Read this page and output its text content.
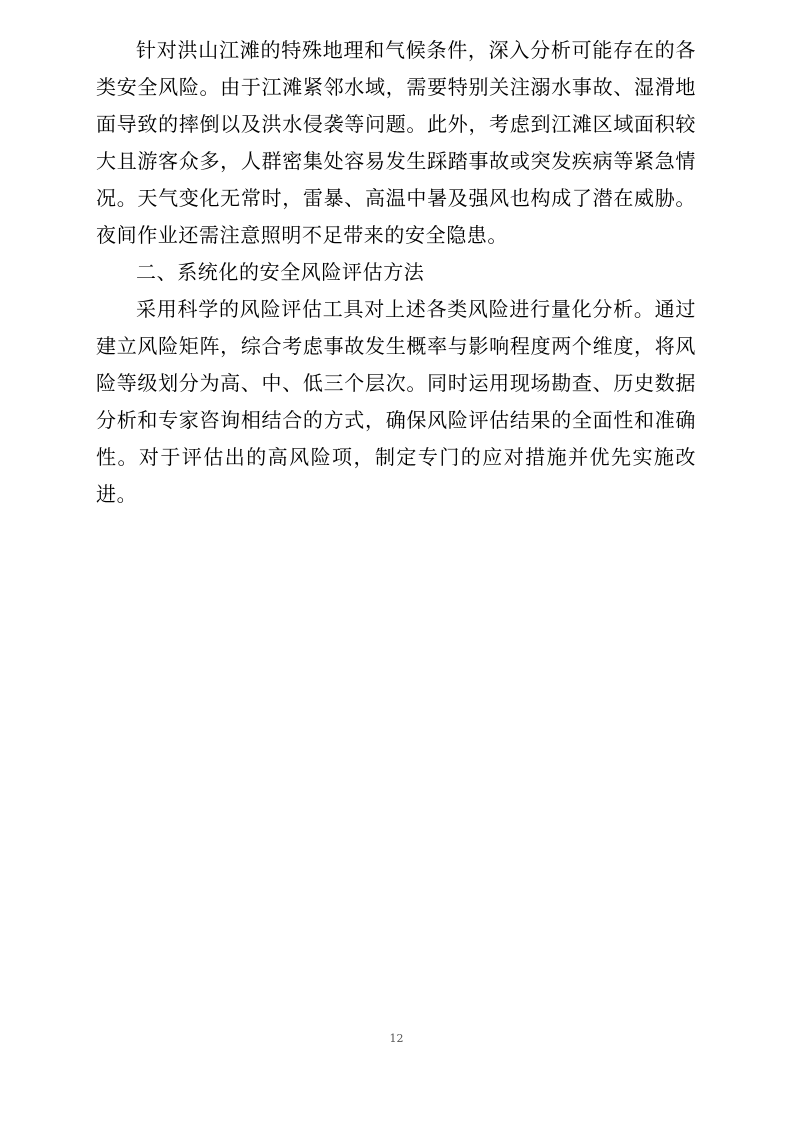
针对洪山江滩的特殊地理和气候条件，深入分析可能存在的各类安全风险。由于江滩紧邻水域，需要特别关注溺水事故、湿滑地面导致的摔倒以及洪水侵袭等问题。此外，考虑到江滩区域面积较大且游客众多，人群密集处容易发生踩踏事故或突发疾病等紧急情况。天气变化无常时，雷暴、高温中暑及强风也构成了潜在威胁。夜间作业还需注意照明不足带来的安全隐患。

二、系统化的安全风险评估方法

采用科学的风险评估工具对上述各类风险进行量化分析。通过建立风险矩阵，综合考虑事故发生概率与影响程度两个维度，将风险等级划分为高、中、低三个层次。同时运用现场勘查、历史数据分析和专家咨询相结合的方式，确保风险评估结果的全面性和准确性。对于评估出的高风险项，制定专门的应对措施并优先实施改进。

12
